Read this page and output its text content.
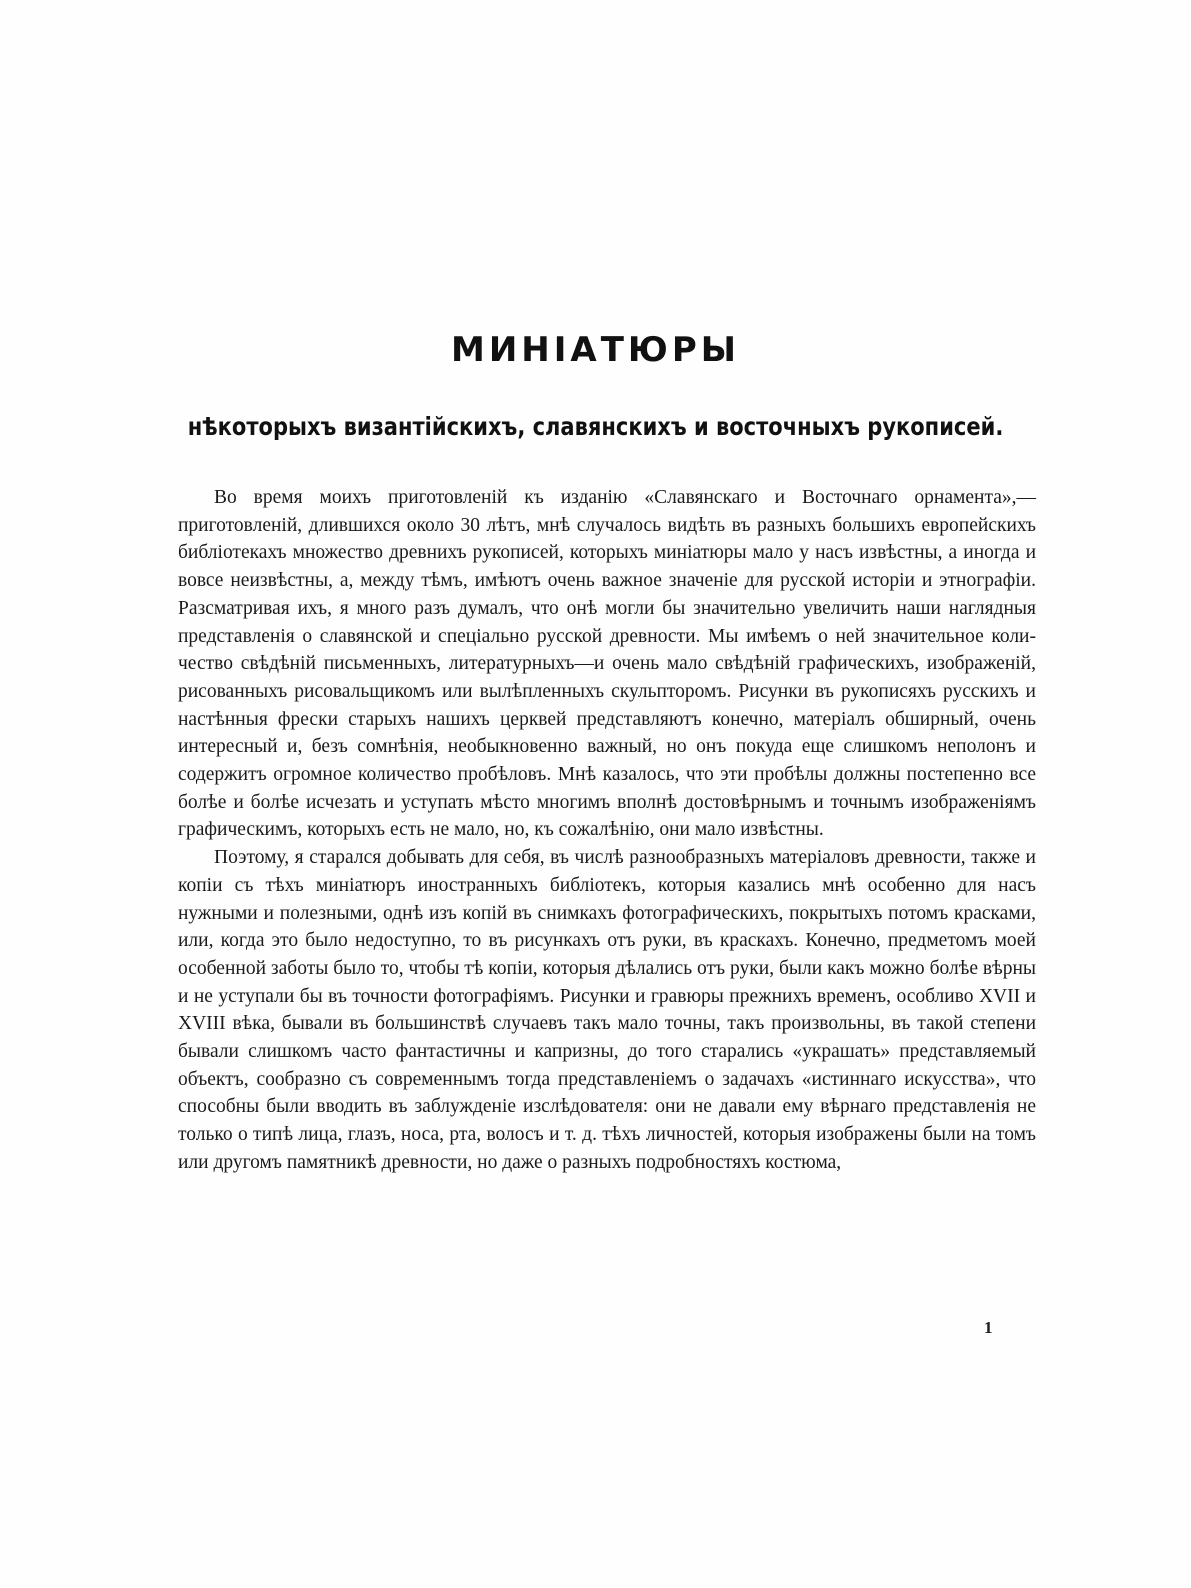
МИНІАТЮРЫ
нѣкоторыхъ византійскихъ, славянскихъ и восточныхъ рукописей.

Во время моихъ приготовленій къ изданію «Славянскаго и Восточнаго орнамента»,— приготовленій, длившихся около 30 лѣтъ, мнѣ случалось видѣть въ разныхъ большихъ европейскихъ библіотекахъ множество древнихъ рукописей, которыхъ миніатюры мало у насъ извѣстны, а иногда и вовсе неизвѣстны, а, между тѣмъ, имѣютъ очень важное значеніе для русской исторіи и этнографіи. Разсматривая ихъ, я много разъ думалъ, что онѣ могли бы значительно увеличить наши наглядныя представленія о славянской и спеціально русской древности. Мы имѣемъ о ней значительное количество свѣдѣній письменныхъ, литературныхъ—и очень мало свѣдѣній графическихъ, изображеній, рисованныхъ рисовальщикомъ или вылѣпленныхъ скульпторомъ. Рисунки въ рукописяхъ русскихъ и настѣнныя фрески старыхъ нашихъ церквей представляютъ конечно, матеріалъ обширный, очень интересный и, безъ сомнѣнія, необыкновенно важный, но онъ покуда еще слишкомъ неполонъ и содержитъ огромное количество пробѣловъ. Мнѣ казалось, что эти пробѣлы должны постепенно все болѣе и болѣе исчезать и уступать мѣсто многимъ вполнѣ достовѣрнымъ и точнымъ изображеніямъ графическимъ, которыхъ есть не мало, но, къ сожалѣнію, они мало извѣстны.

Поэтому, я старался добывать для себя, въ числѣ разнообразныхъ матеріаловъ древности, также и копіи съ тѣхъ миніатюръ иностранныхъ библіотекъ, которыя казались мнѣ особенно для насъ нужными и полезными, однѣ изъ копій въ снимкахъ фотографическихъ, покрытыхъ потомъ красками, или, когда это было недоступно, то въ рисункахъ отъ руки, въ краскахъ. Конечно, предметомъ моей особенной заботы было то, чтобы тѣ копіи, которыя дѣлались отъ руки, были какъ можно болѣе вѣрны и не уступали бы въ точности фотографіямъ. Рисунки и гравюры прежнихъ временъ, особливо XVII и XVIII вѣка, бывали въ большинствѣ случаевъ такъ мало точны, такъ произвольны, въ такой степени бывали слишкомъ часто фантастичны и капризны, до того старались «украшать» представляемый объектъ, сообразно съ современнымъ тогда представленіемъ о задачахъ «истиннаго искусства», что способны были вводить въ заблужденіе изслѣдователя: они не давали ему вѣрнаго представленія не только о типѣ лица, глазъ, носа, рта, волосъ и т. д. тѣхъ личностей, которыя изображены были на томъ или другомъ памятникѣ древности, но даже о разныхъ подробностяхъ костюма,

1
